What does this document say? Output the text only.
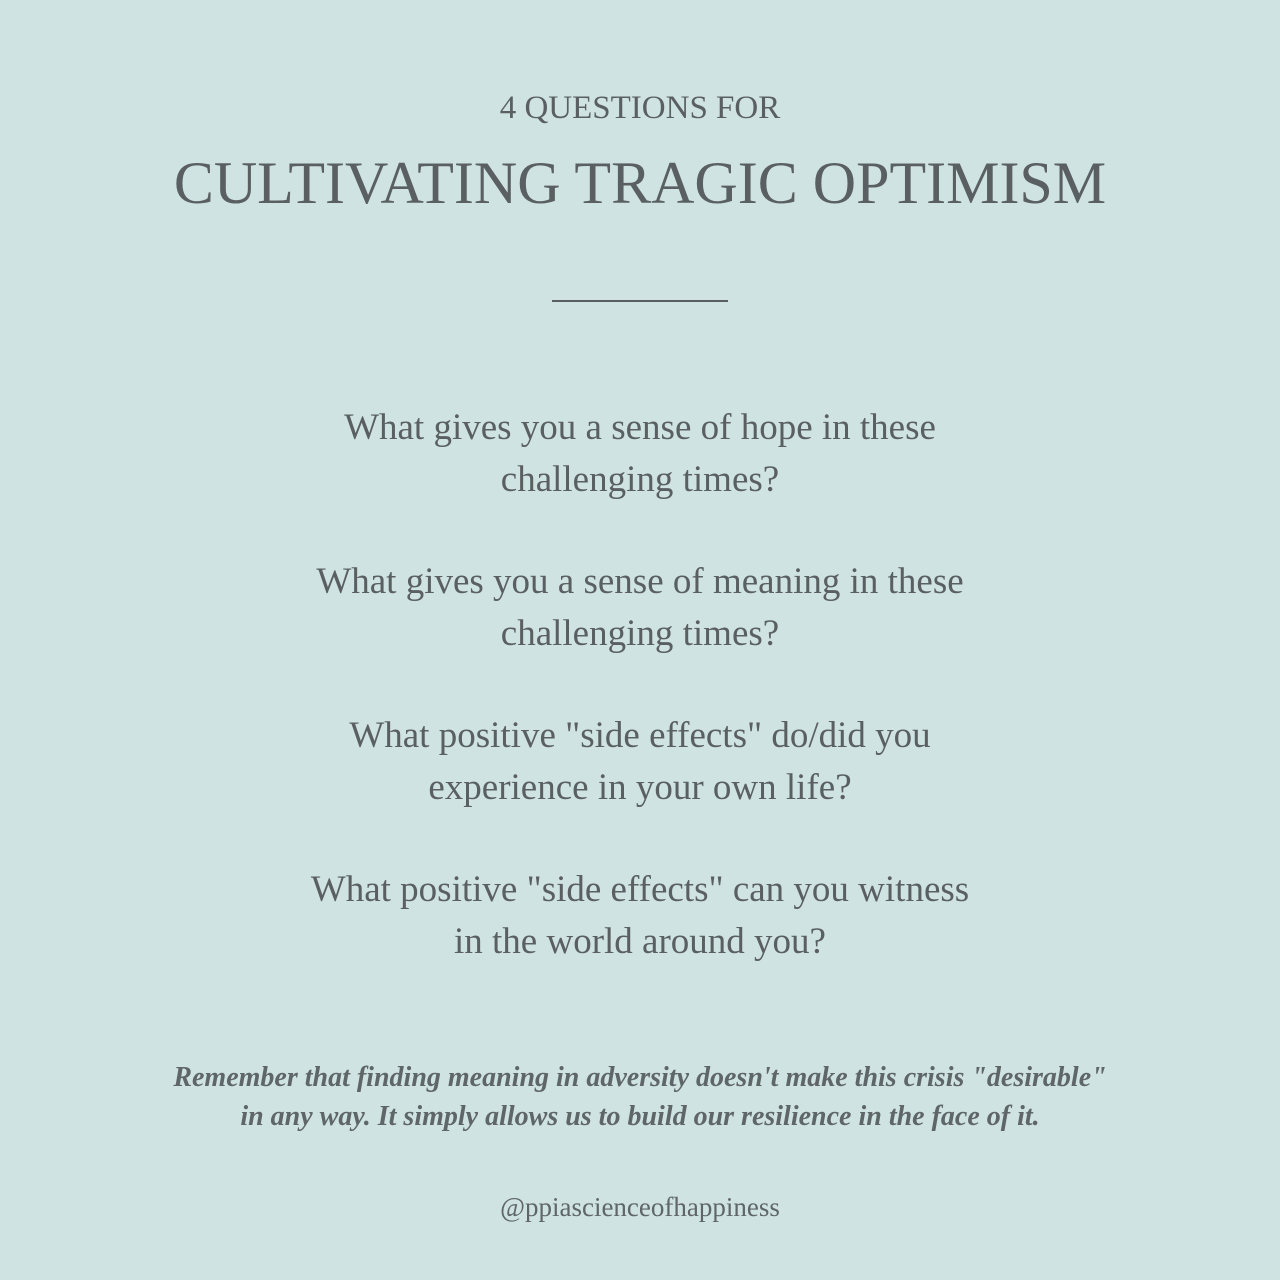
4 QUESTIONS FOR
CULTIVATING TRAGIC OPTIMISM

What gives you a sense of hope in these
challenging times?

What gives you a sense of meaning in these
challenging times?

What positive "side effects" do/did you
experience in your own life?

What positive "side effects" can you witness
in the world around you?

Remember that finding meaning in adversity doesn't make this crisis "desirable"
in any way. It simply allows us to build our resilience in the face of it.
@ppiascienceofhappiness
